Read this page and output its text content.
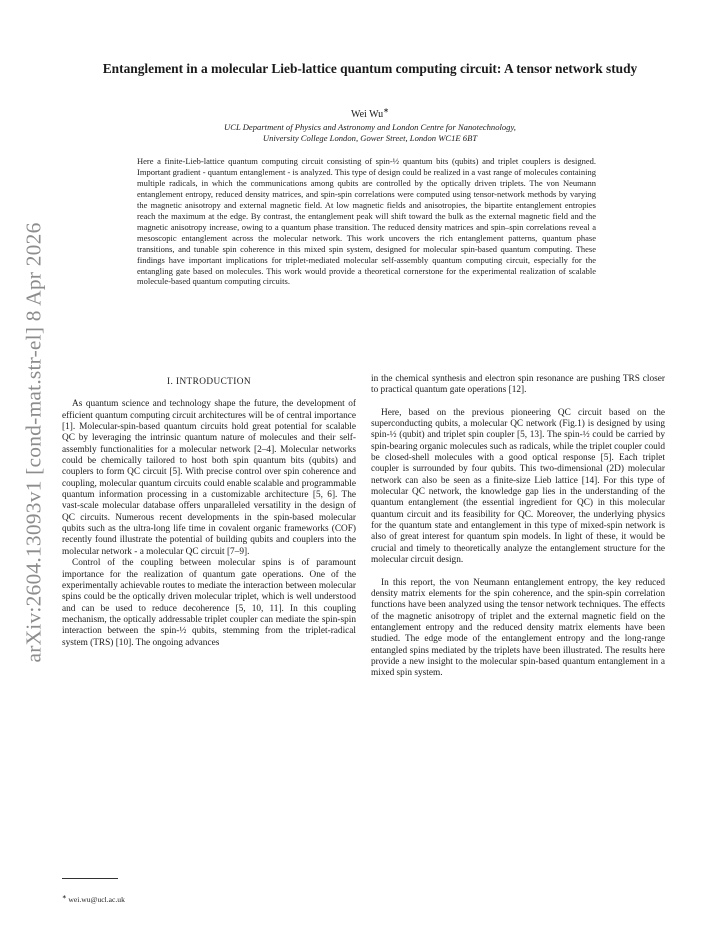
arXiv:2604.13093v1 [cond-mat.str-el] 8 Apr 2026
Entanglement in a molecular Lieb-lattice quantum computing circuit: A tensor network study
Wei Wu∗
UCL Department of Physics and Astronomy and London Centre for Nanotechnology,
University College London, Gower Street, London WC1E 6BT

Here a finite-Lieb-lattice quantum computing circuit consisting of spin-½ quantum bits (qubits) and triplet couplers is designed. Important gradient - quantum entanglement - is analyzed. This type of design could be realized in a vast range of molecules containing multiple radicals, in which the communications among qubits are controlled by the optically driven triplets. The von Neumann entanglement entropy, reduced density matrices, and spin-spin correlations were computed using tensor-network methods by varying the magnetic anisotropy and external magnetic field. At low magnetic fields and anisotropies, the bipartite entanglement entropies reach the maximum at the edge. By contrast, the entanglement peak will shift toward the bulk as the external magnetic field and the magnetic anisotropy increase, owing to a quantum phase transition. The reduced density matrices and spin–spin correlations reveal a mesoscopic entanglement across the molecular network. This work uncovers the rich entanglement patterns, quantum phase transitions, and tunable spin coherence in this mixed spin system, designed for molecular spin-based quantum computing. These findings have important implications for triplet-mediated molecular self-assembly quantum computing circuit, especially for the entangling gate based on molecules. This work would provide a theoretical cornerstone for the experimental realization of scalable molecule-based quantum computing circuits.

I. INTRODUCTION

As quantum science and technology shape the future, the development of efficient quantum computing circuit architectures will be of central importance [1]. Molecular-spin-based quantum circuits hold great potential for scalable QC by leveraging the intrinsic quantum nature of molecules and their self-assembly functionalities for a molecular network [2–4]. Molecular networks could be chemically tailored to host both spin quantum bits (qubits) and couplers to form QC circuit [5]. With precise control over spin coherence and coupling, molecular quantum circuits could enable scalable and programmable quantum information processing in a customizable architecture [5, 6]. The vast-scale molecular database offers unparalleled versatility in the design of QC circuits. Numerous recent developments in the spin-based molecular qubits such as the ultra-long life time in covalent organic frameworks (COF) recently found illustrate the potential of building qubits and couplers into the molecular network - a molecular QC circuit [7–9].

Control of the coupling between molecular spins is of paramount importance for the realization of quantum gate operations. One of the experimentally achievable routes to mediate the interaction between molecular spins could be the optically driven molecular triplet, which is well understood and can be used to reduce decoherence [5, 10, 11]. In this coupling mechanism, the optically addressable triplet coupler can mediate the spin-spin interaction between the spin-½ qubits, stemming from the triplet-radical system (TRS) [10]. The ongoing advances

in the chemical synthesis and electron spin resonance are pushing TRS closer to practical quantum gate operations [12].

Here, based on the previous pioneering QC circuit based on the superconducting qubits, a molecular QC network (Fig.1) is designed by using spin-½ (qubit) and triplet spin coupler [5, 13]. The spin-½ could be carried by spin-bearing organic molecules such as radicals, while the triplet coupler could be closed-shell molecules with a good optical response [5]. Each triplet coupler is surrounded by four qubits. This two-dimensional (2D) molecular network can also be seen as a finite-size Lieb lattice [14]. For this type of molecular QC network, the knowledge gap lies in the understanding of the quantum entanglement (the essential ingredient for QC) in this molecular quantum circuit and its feasibility for QC. Moreover, the underlying physics for the quantum state and entanglement in this type of mixed-spin network is also of great interest for quantum spin models. In light of these, it would be crucial and timely to theoretically analyze the entanglement structure for the molecular circuit design.

In this report, the von Neumann entanglement entropy, the key reduced density matrix elements for the spin coherence, and the spin-spin correlation functions have been analyzed using the tensor network techniques. The effects of the magnetic anisotropy of triplet and the external magnetic field on the entanglement entropy and the reduced density matrix elements have been studied. The edge mode of the entanglement entropy and the long-range entangled spins mediated by the triplets have been illustrated. The results here provide a new insight to the molecular spin-based quantum entanglement in a mixed spin system.

∗ wei.wu@ucl.ac.uk
